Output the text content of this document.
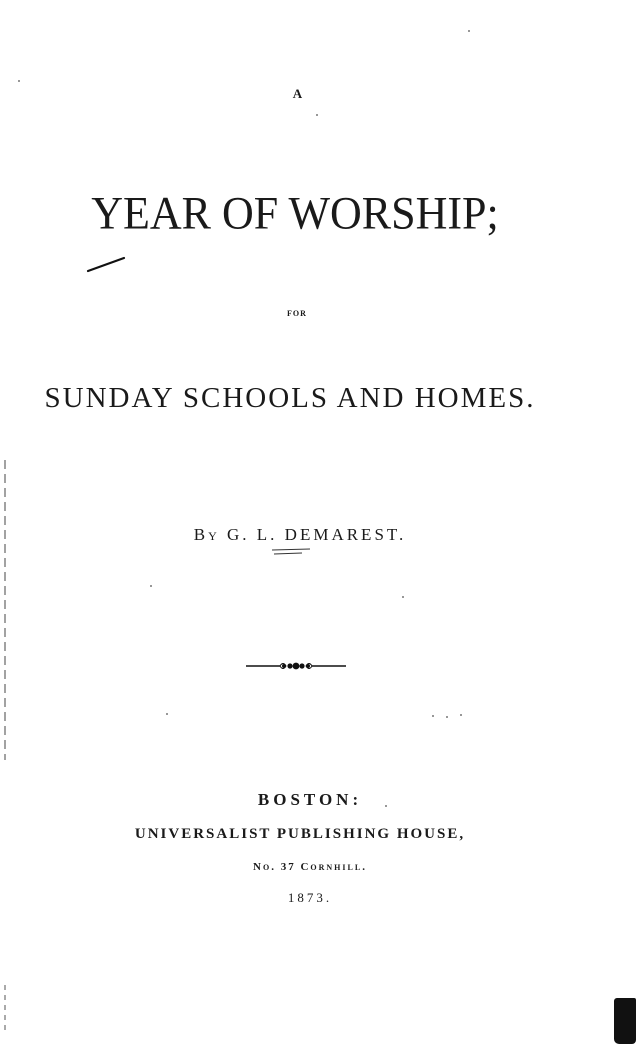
A
YEAR OF WORSHIP;
FOR
SUNDAY SCHOOLS AND HOMES.
By G. L. DEMAREST.
BOSTON:
UNIVERSALIST PUBLISHING HOUSE,
No. 37 Cornhill.
1873.
